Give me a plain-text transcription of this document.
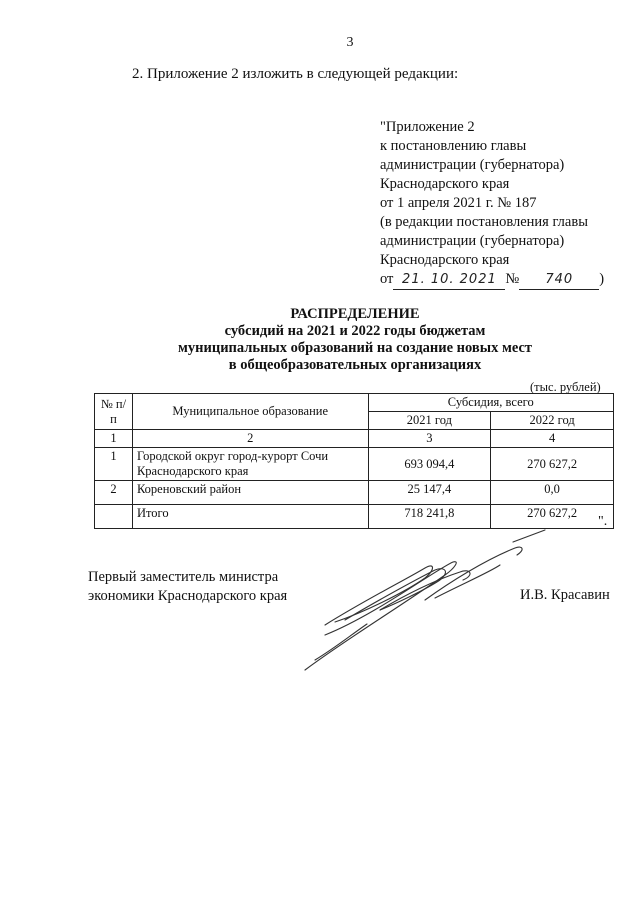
3
2. Приложение 2 изложить в следующей редакции:
"Приложение 2
к постановлению главы
администрации (губернатора)
Краснодарского края
от 1 апреля 2021 г. № 187
(в редакции постановления главы
администрации (губернатора)
Краснодарского края
от 21. 10. 2021 № 740 )
РАСПРЕДЕЛЕНИЕ
субсидий на 2021 и 2022 годы бюджетам
муниципальных образований на создание новых мест
в общеобразовательных организациях
(тыс. рублей)
№ п/п	Муниципальное образование	Субсидия, всего	
		2021 год	2022 год
1	2	3	4
1	Городской округ город-курорт Сочи Краснодарского края	693 094,4	270 627,2
2	Кореновский район	25 147,4	0,0
	Итого	718 241,8	270 627,2
".
Первый заместитель министра
экономики Краснодарского края	И.В. Красавин
